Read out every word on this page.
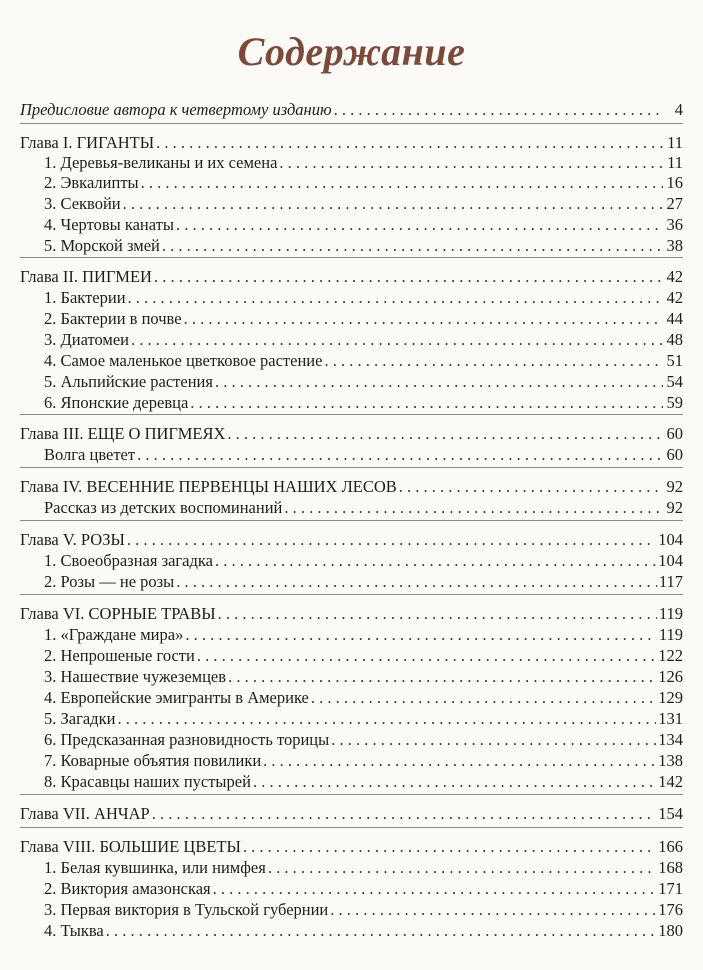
Содержание
Предисловие автора к четвертому изданию . . .	4
Глава I. ГИГАНТЫ . . .	11
1. Деревья-великаны и их семена . . .	11
2. Эвкалипты . . .	16
3. Секвойи . . .	27
4. Чертовы канаты . . .	36
5. Морской змей . . .	38
Глава II. ПИГМЕИ . . .	42
1. Бактерии . . .	42
2. Бактерии в почве . . .	44
3. Диатомеи . . .	48
4. Самое маленькое цветковое растение . . .	51
5. Альпийские растения . . .	54
6. Японские деревца . . .	59
Глава III. ЕЩЕ О ПИГМЕЯХ . . .	60
Волга цветет . . .	60
Глава IV. ВЕСЕННИЕ ПЕРВЕНЦЫ НАШИХ ЛЕСОВ . . .	92
Рассказ из детских воспоминаний . . .	92
Глава V. РОЗЫ . . .	104
1. Своеобразная загадка . . .	104
2. Розы — не розы . . .	117
Глава VI. СОРНЫЕ ТРАВЫ . . .	119
1. «Граждане мира» . . .	119
2. Непрошеные гости . . .	122
3. Нашествие чужеземцев . . .	126
4. Европейские эмигранты в Америке . . .	129
5. Загадки . . .	131
6. Предсказанная разновидность торицы . . .	134
7. Коварные объятия повилики . . .	138
8. Красавцы наших пустырей . . .	142
Глава VII. АНЧАР . . .	154
Глава VIII. БОЛЬШИЕ ЦВЕТЫ . . .	166
1. Белая кувшинка, или нимфея . . .	168
2. Виктория амазонская . . .	171
3. Первая виктория в Тульской губернии . . .	176
4. Тыква . . .	180
